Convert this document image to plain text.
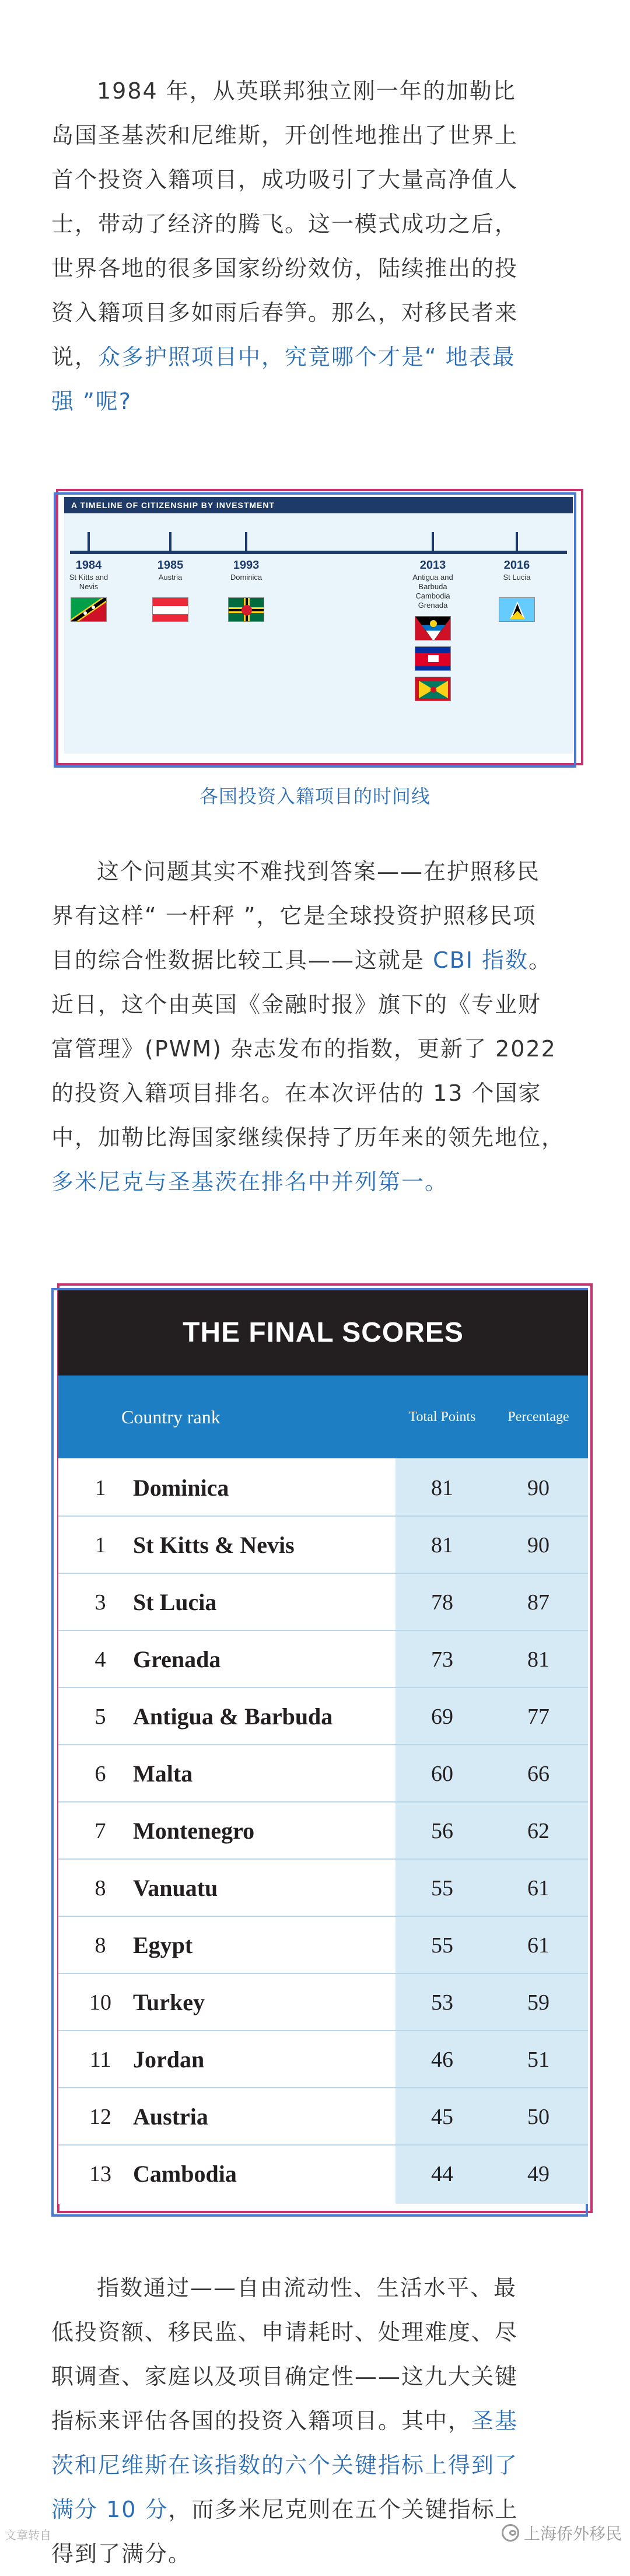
1984 年，从英联邦独立刚一年的加勒比
岛国圣基茨和尼维斯，开创性地推出了世界上
首个投资入籍项目，成功吸引了大量高净值人
士，带动了经济的腾飞。这一模式成功之后，
世界各地的很多国家纷纷效仿，陆续推出的投
资入籍项目多如雨后春笋。那么，对移民者来
说，众多护照项目中，究竟哪个才是“ 地表最
强 ”呢?
A TIMELINE OF CITIZENSHIP BY INVESTMENT
1984
St Kitts and Nevis
1985
Austria
1993
Dominica
2013
Antigua and Barbuda Cambodia Grenada
2016
St Lucia
各国投资入籍项目的时间线
这个问题其实不难找到答案——在护照移民
界有这样“ 一杆秤 ”，它是全球投资护照移民项
目的综合性数据比较工具——这就是 CBI 指数。
近日，这个由英国《金融时报》旗下的《专业财
富管理》(PWM) 杂志发布的指数，更新了 2022
的投资入籍项目排名。在本次评估的 13 个国家
中，加勒比海国家继续保持了历年来的领先地位，
多米尼克与圣基茨在排名中并列第一。
THE FINAL SCORES
Country rank	Total Points	Percentage
1	Dominica	81	90
1	St Kitts & Nevis	81	90
3	St Lucia	78	87
4	Grenada	73	81
5	Antigua & Barbuda	69	77
6	Malta	60	66
7	Montenegro	56	62
8	Vanuatu	55	61
8	Egypt	55	61
10 Turkey	53	59
11 Jordan	46	51
12 Austria	45	50
13 Cambodia	44	49
指数通过——自由流动性、生活水平、最
低投资额、移民监、申请耗时、处理难度、尽
职调查、家庭以及项目确定性——这九大关键
指标来评估各国的投资入籍项目。其中，圣基
茨和尼维斯在该指数的六个关键指标上得到了
满分 10 分，而多米尼克则在五个关键指标上
得到了满分。
文章转自	上海侨外移民
